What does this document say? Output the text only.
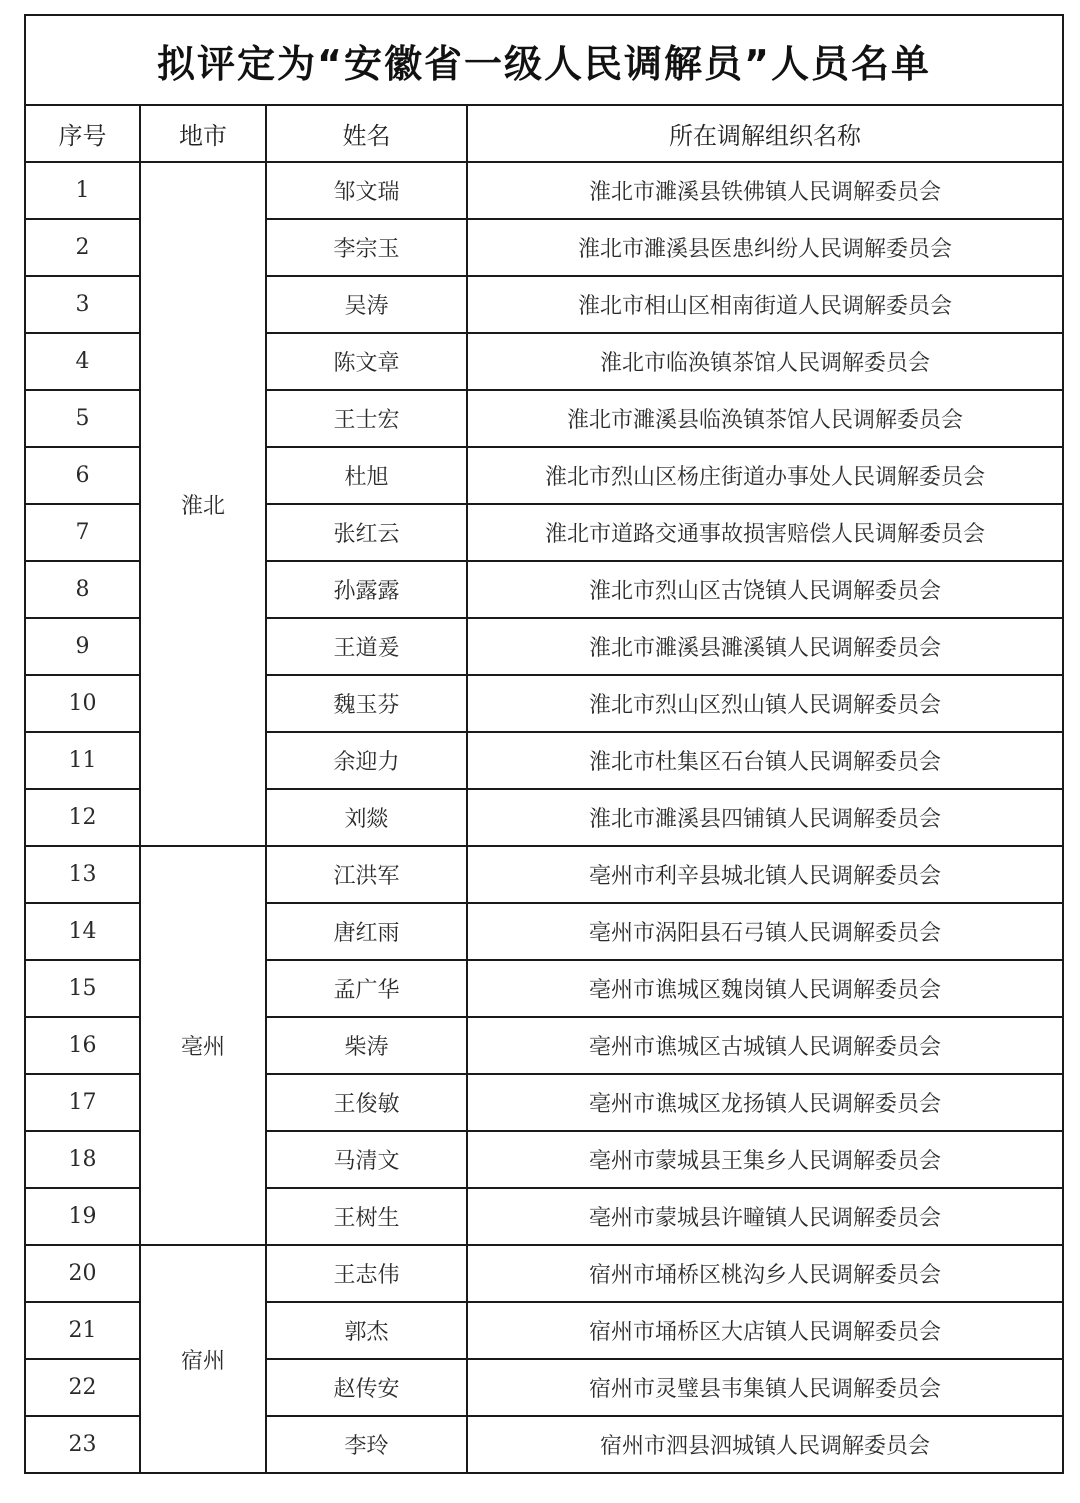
拟评定为“安徽省一级人民调解员”人员名单
序号	地市	姓名	所在调解组织名称
1	淮北	邹文瑞	淮北市濉溪县铁佛镇人民调解委员会
2		李宗玉	淮北市濉溪县医患纠纷人民调解委员会
3		吴涛	淮北市相山区相南街道人民调解委员会
4		陈文章	淮北市临涣镇茶馆人民调解委员会
5		王士宏	淮北市濉溪县临涣镇茶馆人民调解委员会
6		杜旭	淮北市烈山区杨庄街道办事处人民调解委员会
7		张红云	淮北市道路交通事故损害赔偿人民调解委员会
8		孙露露	淮北市烈山区古饶镇人民调解委员会
9		王道爰	淮北市濉溪县濉溪镇人民调解委员会
10		魏玉芬	淮北市烈山区烈山镇人民调解委员会
11		余迎力	淮北市杜集区石台镇人民调解委员会
12		刘燚	淮北市濉溪县四铺镇人民调解委员会
13	亳州	江洪军	亳州市利辛县城北镇人民调解委员会
14		唐红雨	亳州市涡阳县石弓镇人民调解委员会
15		孟广华	亳州市谯城区魏岗镇人民调解委员会
16		柴涛	亳州市谯城区古城镇人民调解委员会
17		王俊敏	亳州市谯城区龙扬镇人民调解委员会
18		马清文	亳州市蒙城县王集乡人民调解委员会
19		王树生	亳州市蒙城县许疃镇人民调解委员会
20	宿州	王志伟	宿州市埇桥区桃沟乡人民调解委员会
21		郭杰	宿州市埇桥区大店镇人民调解委员会
22		赵传安	宿州市灵璧县韦集镇人民调解委员会
23		李玲	宿州市泗县泗城镇人民调解委员会
